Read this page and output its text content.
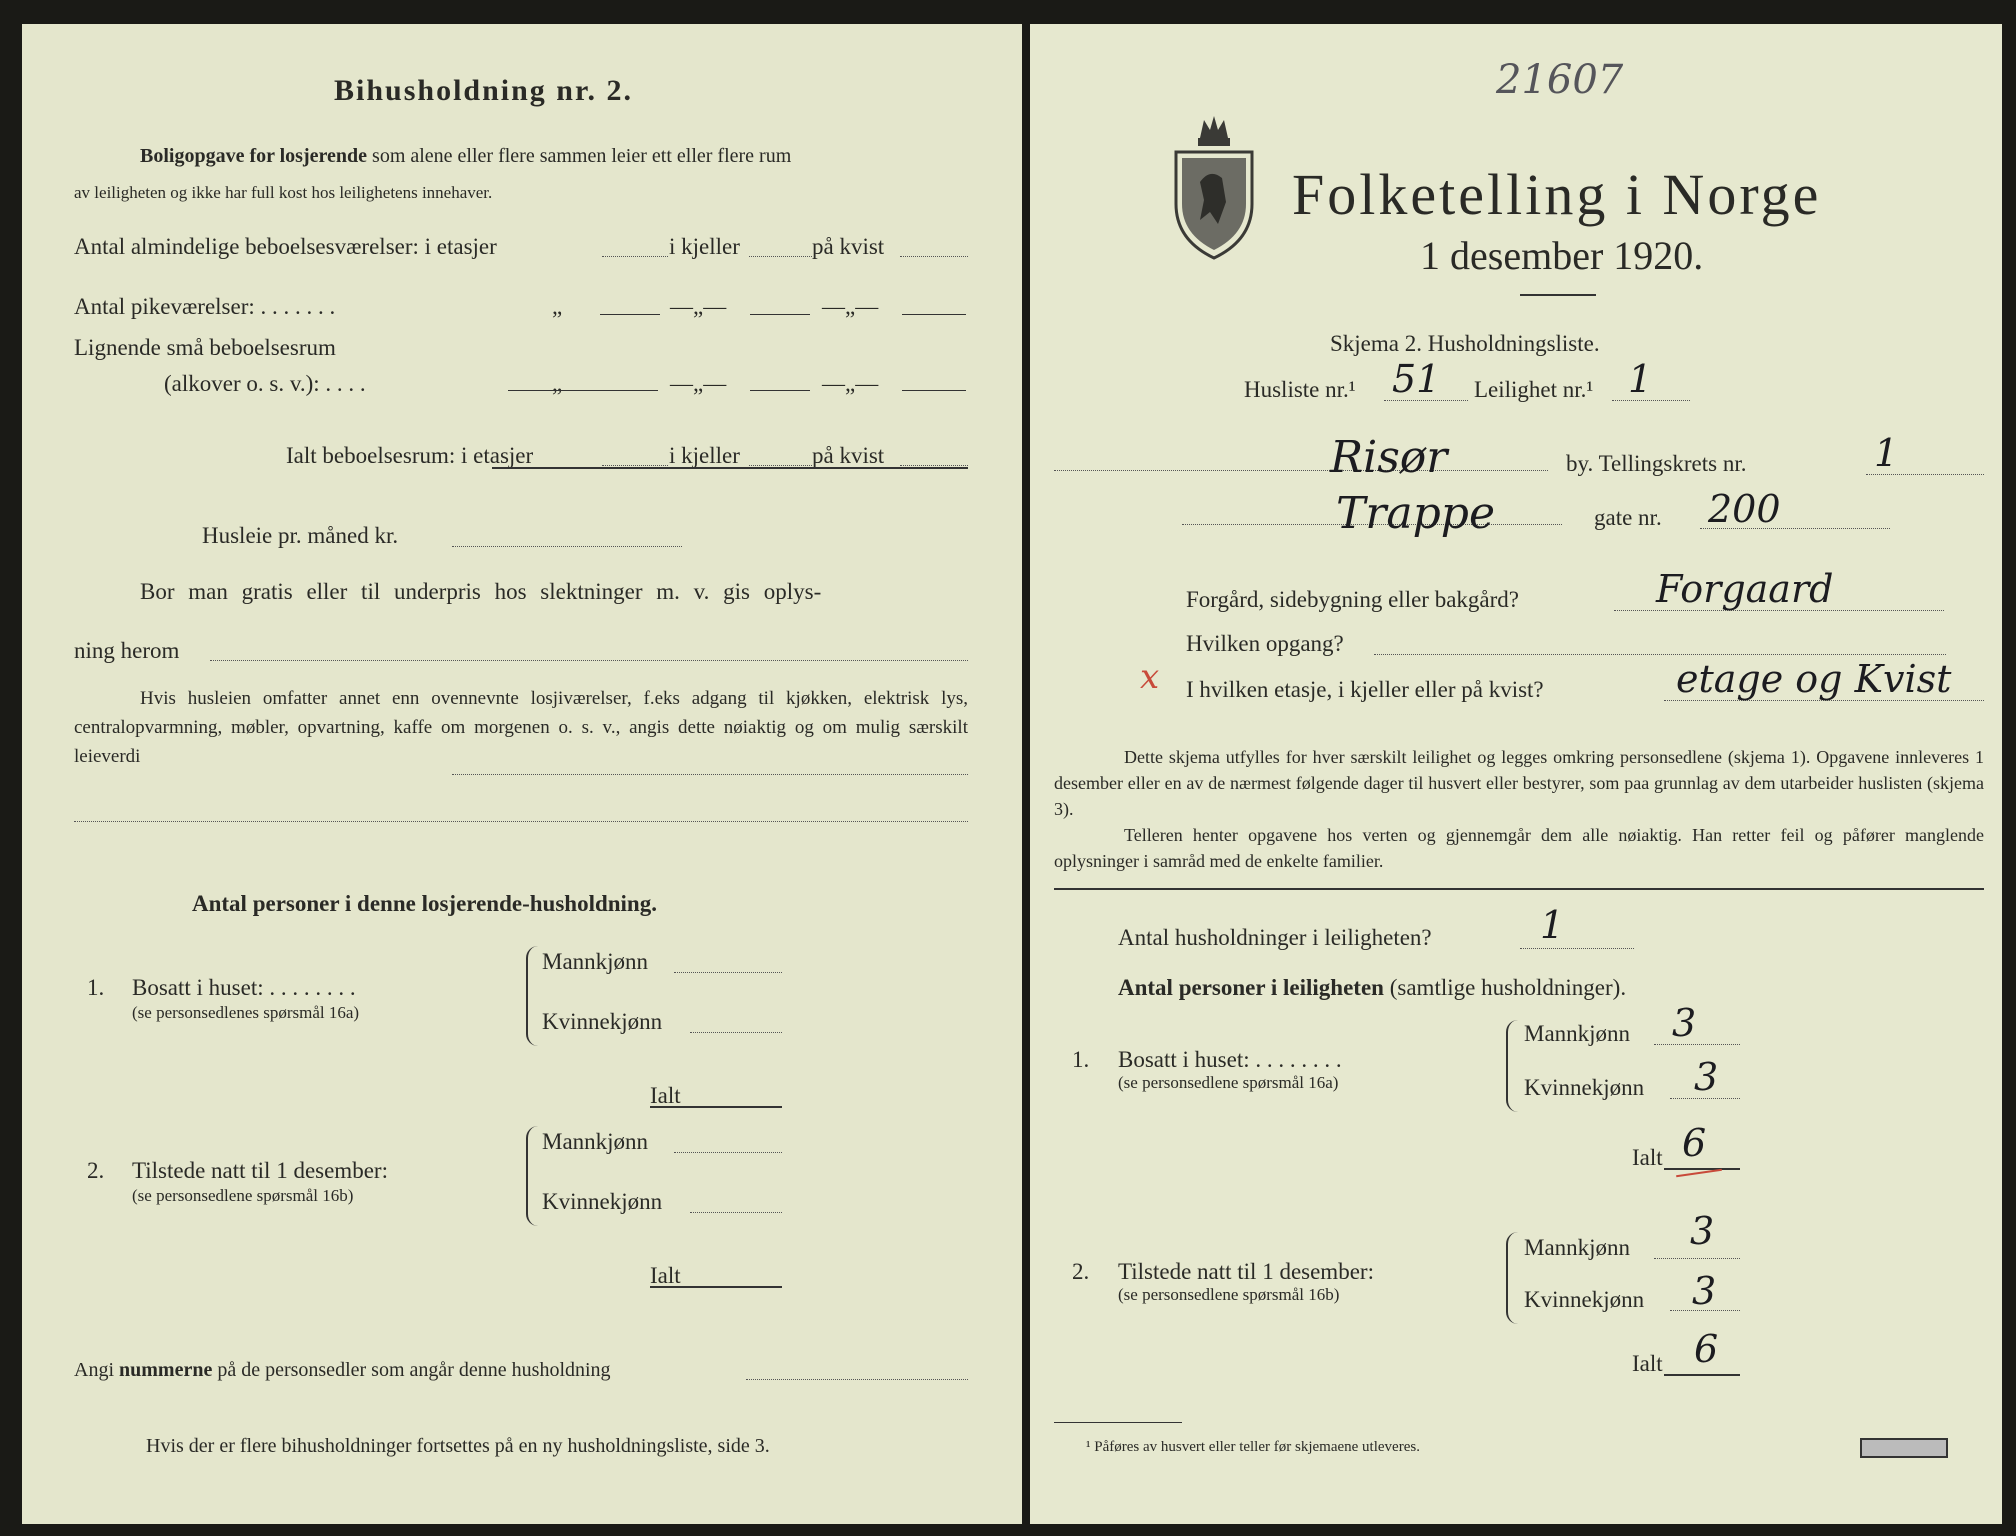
Bihusholdning nr. 2.
Boligopgave for losjerende som alene eller flere sammen leier ett eller flere rum
av leiligheten og ikke har full kost hos leilighetens innehaver.
Antal almindelige beboelsesværelser: i etasjer	i kjeller	på kvist
Antal pikeværelser: . . . . . . .	„	—„—	—„—
Lignende små beboelsesrum
(alkover o. s. v.): . . . .	„	—„—	—„—
Ialt beboelsesrum: i etasjer	i kjeller	på kvist
Husleie pr. måned kr.
Bor man gratis eller til underpris hos slektninger m. v. gis oplys-
ning herom
Hvis husleien omfatter annet enn ovennevnte losjiværelser, f.eks adgang til kjøkken, elektrisk lys, centralopvarmning, møbler, opvartning, kaffe om morgenen o. s. v., angis dette nøiaktig og om mulig særskilt leieverdi
Antal personer i denne losjerende-husholdning.
1. Bosatt i huset: . . . . . . . .
(se personsedlenes spørsmål 16a)
Mannkjønn
Kvinnekjønn
Ialt
2. Tilstede natt til 1 desember:
(se personsedlene spørsmål 16b)
Mannkjønn
Kvinnekjønn
Ialt
Angi nummerne på de personsedler som angår denne husholdning
Hvis der er flere bihusholdninger fortsettes på en ny husholdningsliste, side 3.
21607
Folketelling i Norge
1 desember 1920.
Skjema 2. Husholdningsliste.
Husliste nr.¹ 51 Leilighet nr.¹ 1
Risør	by. Tellingskrets nr.	1
Trappe	gate nr. 200
Forgård, sidebygning eller bakgård?	Forgaard
Hvilken opgang?
x I hvilken etasje, i kjeller eller på kvist?	etage og Kvist
Dette skjema utfylles for hver særskilt leilighet og legges omkring personsedlene (skjema 1). Opgavene innleveres 1 desember eller en av de nærmest følgende dager til husvert eller bestyrer, som paa grunnlag av dem utarbeider huslisten (skjema 3).
Telleren henter opgavene hos verten og gjennemgår dem alle nøiaktig. Han retter feil og påfører manglende oplysninger i samråd med de enkelte familier.
Antal husholdninger i leiligheten?	1
Antal personer i leiligheten (samtlige husholdninger).
1. Bosatt i huset: . . . . . . . .
(se personsedlene spørsmål 16a)
Mannkjønn 3
Kvinnekjønn 3
Ialt 6
2. Tilstede natt til 1 desember:
(se personsedlene spørsmål 16b)
Mannkjønn 3
Kvinnekjønn 3
Ialt 6
¹ Påføres av husvert eller teller før skjemaene utleveres.
